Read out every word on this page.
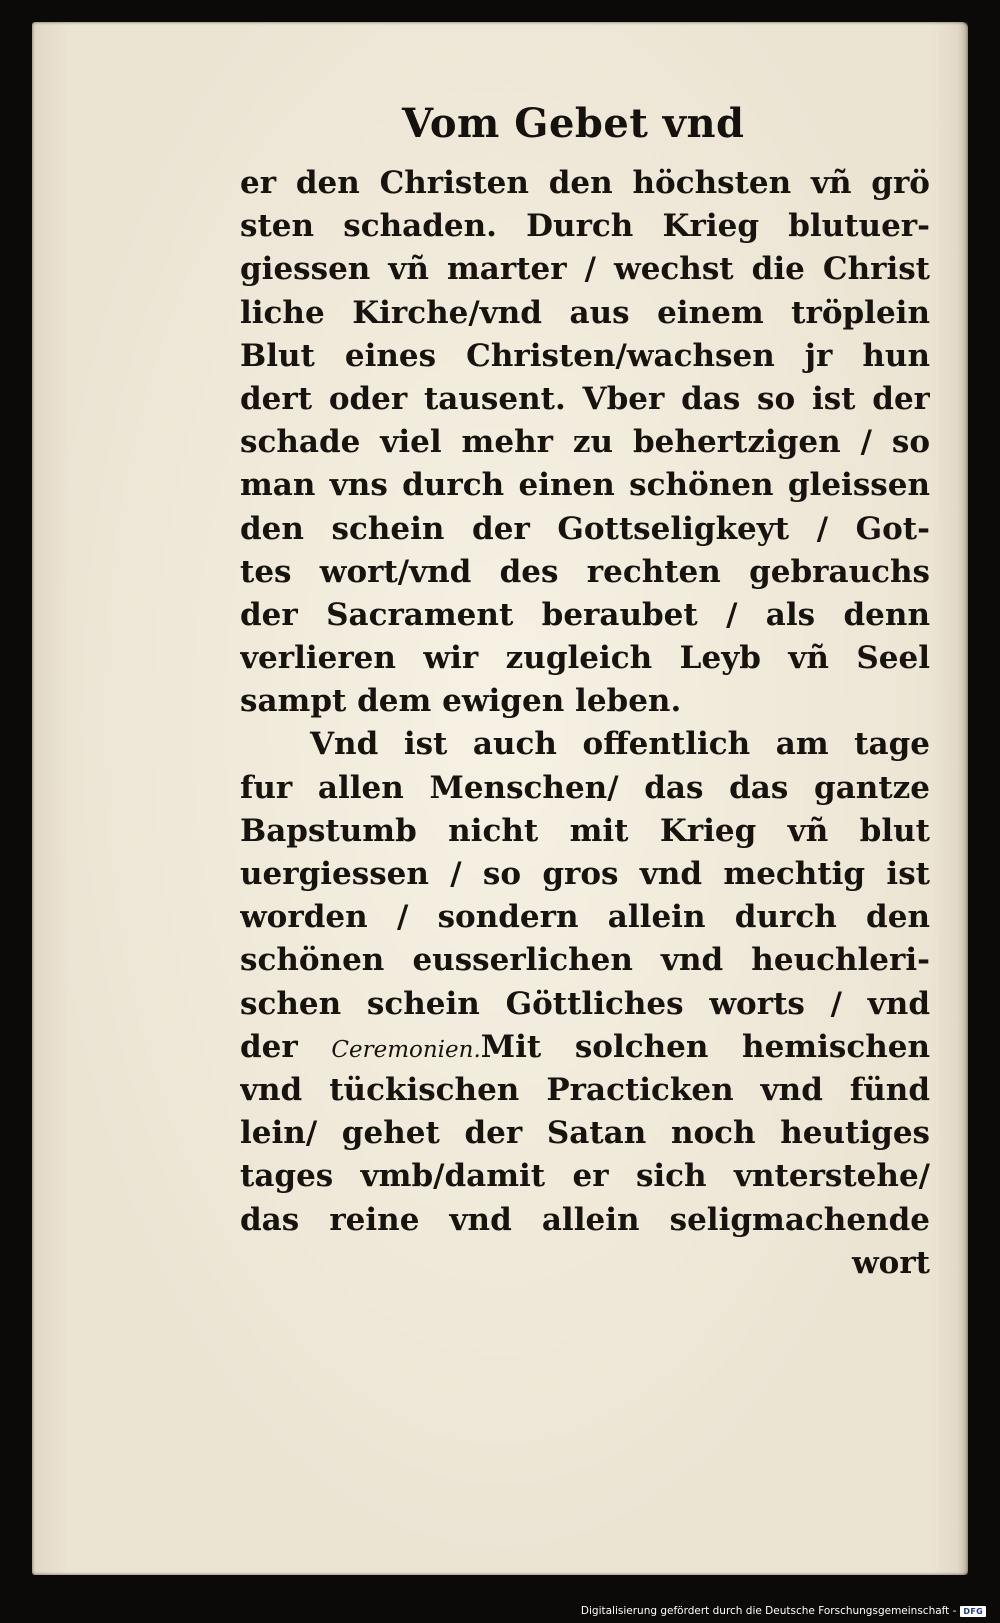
Vom Gebet vnd
er den Christen den höchsten vñ grö
sten schaden. Durch Krieg blutuer-
giessen vñ marter / wechst die Christ
liche Kirche/vnd aus einem tröplein
Blut eines Christen/wachsen jr hun
dert oder tausent. Vber das so ist der
schade viel mehr zu behertzigen / so
man vns durch einen schönen gleissen
den schein der Gottseligkeyt / Got-
tes wort/vnd des rechten gebrauchs
der Sacrament beraubet / als denn
verlieren wir zugleich Leyb vñ Seel
sampt dem ewigen leben.
Vnd ist auch offentlich am tage
fur allen Menschen/ das das gantze
Bapstumb nicht mit Krieg vñ blut
uergiessen / so gros vnd mechtig ist
worden / sondern allein durch den
schönen eusserlichen vnd heuchleri-
schen schein Göttliches worts / vnd
der Ceremonien.Mit solchen hemischen
vnd tückischen Practicken vnd fünd
lein/ gehet der Satan noch heutiges
tages vmb/damit er sich vnterstehe/
das reine vnd allein seligmachende
wort
Digitalisierung gefördert durch die Deutsche Forschungsgemeinschaft - DFG
